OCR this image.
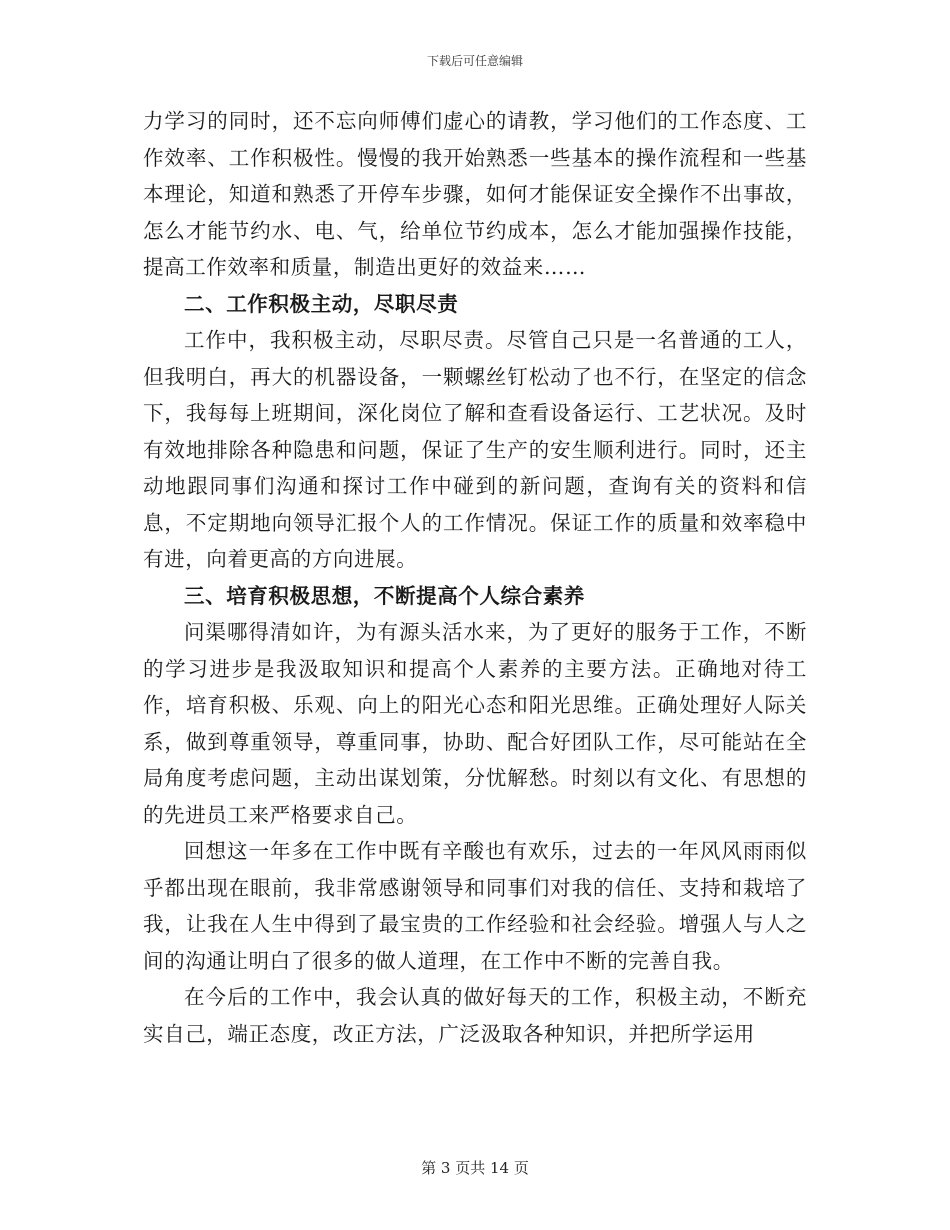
下载后可任意编辑

力学习的同时，还不忘向师傅们虚心的请教，学习他们的工作态度、工作效率、工作积极性。慢慢的我开始熟悉一些基本的操作流程和一些基本理论，知道和熟悉了开停车步骤，如何才能保证安全操作不出事故，怎么才能节约水、电、气，给单位节约成本，怎么才能加强操作技能，提高工作效率和质量，制造出更好的效益来……

二、工作积极主动，尽职尽责

工作中，我积极主动，尽职尽责。尽管自己只是一名普通的工人，但我明白，再大的机器设备，一颗螺丝钉松动了也不行，在坚定的信念下，我每每上班期间，深化岗位了解和查看设备运行、工艺状况。及时有效地排除各种隐患和问题，保证了生产的安生顺利进行。同时，还主动地跟同事们沟通和探讨工作中碰到的新问题，查询有关的资料和信息，不定期地向领导汇报个人的工作情况。保证工作的质量和效率稳中有进，向着更高的方向进展。

三、培育积极思想，不断提高个人综合素养

问渠哪得清如许，为有源头活水来，为了更好的服务于工作，不断的学习进步是我汲取知识和提高个人素养的主要方法。正确地对待工作，培育积极、乐观、向上的阳光心态和阳光思维。正确处理好人际关系，做到尊重领导，尊重同事，协助、配合好团队工作，尽可能站在全局角度考虑问题，主动出谋划策，分忧解愁。时刻以有文化、有思想的的先进员工来严格要求自己。

回想这一年多在工作中既有辛酸也有欢乐，过去的一年风风雨雨似乎都出现在眼前，我非常感谢领导和同事们对我的信任、支持和栽培了我，让我在人生中得到了最宝贵的工作经验和社会经验。增强人与人之间的沟通让明白了很多的做人道理，在工作中不断的完善自我。

在今后的工作中，我会认真的做好每天的工作，积极主动，不断充实自己，端正态度，改正方法，广泛汲取各种知识，并把所学运用

第 3 页共 14 页
